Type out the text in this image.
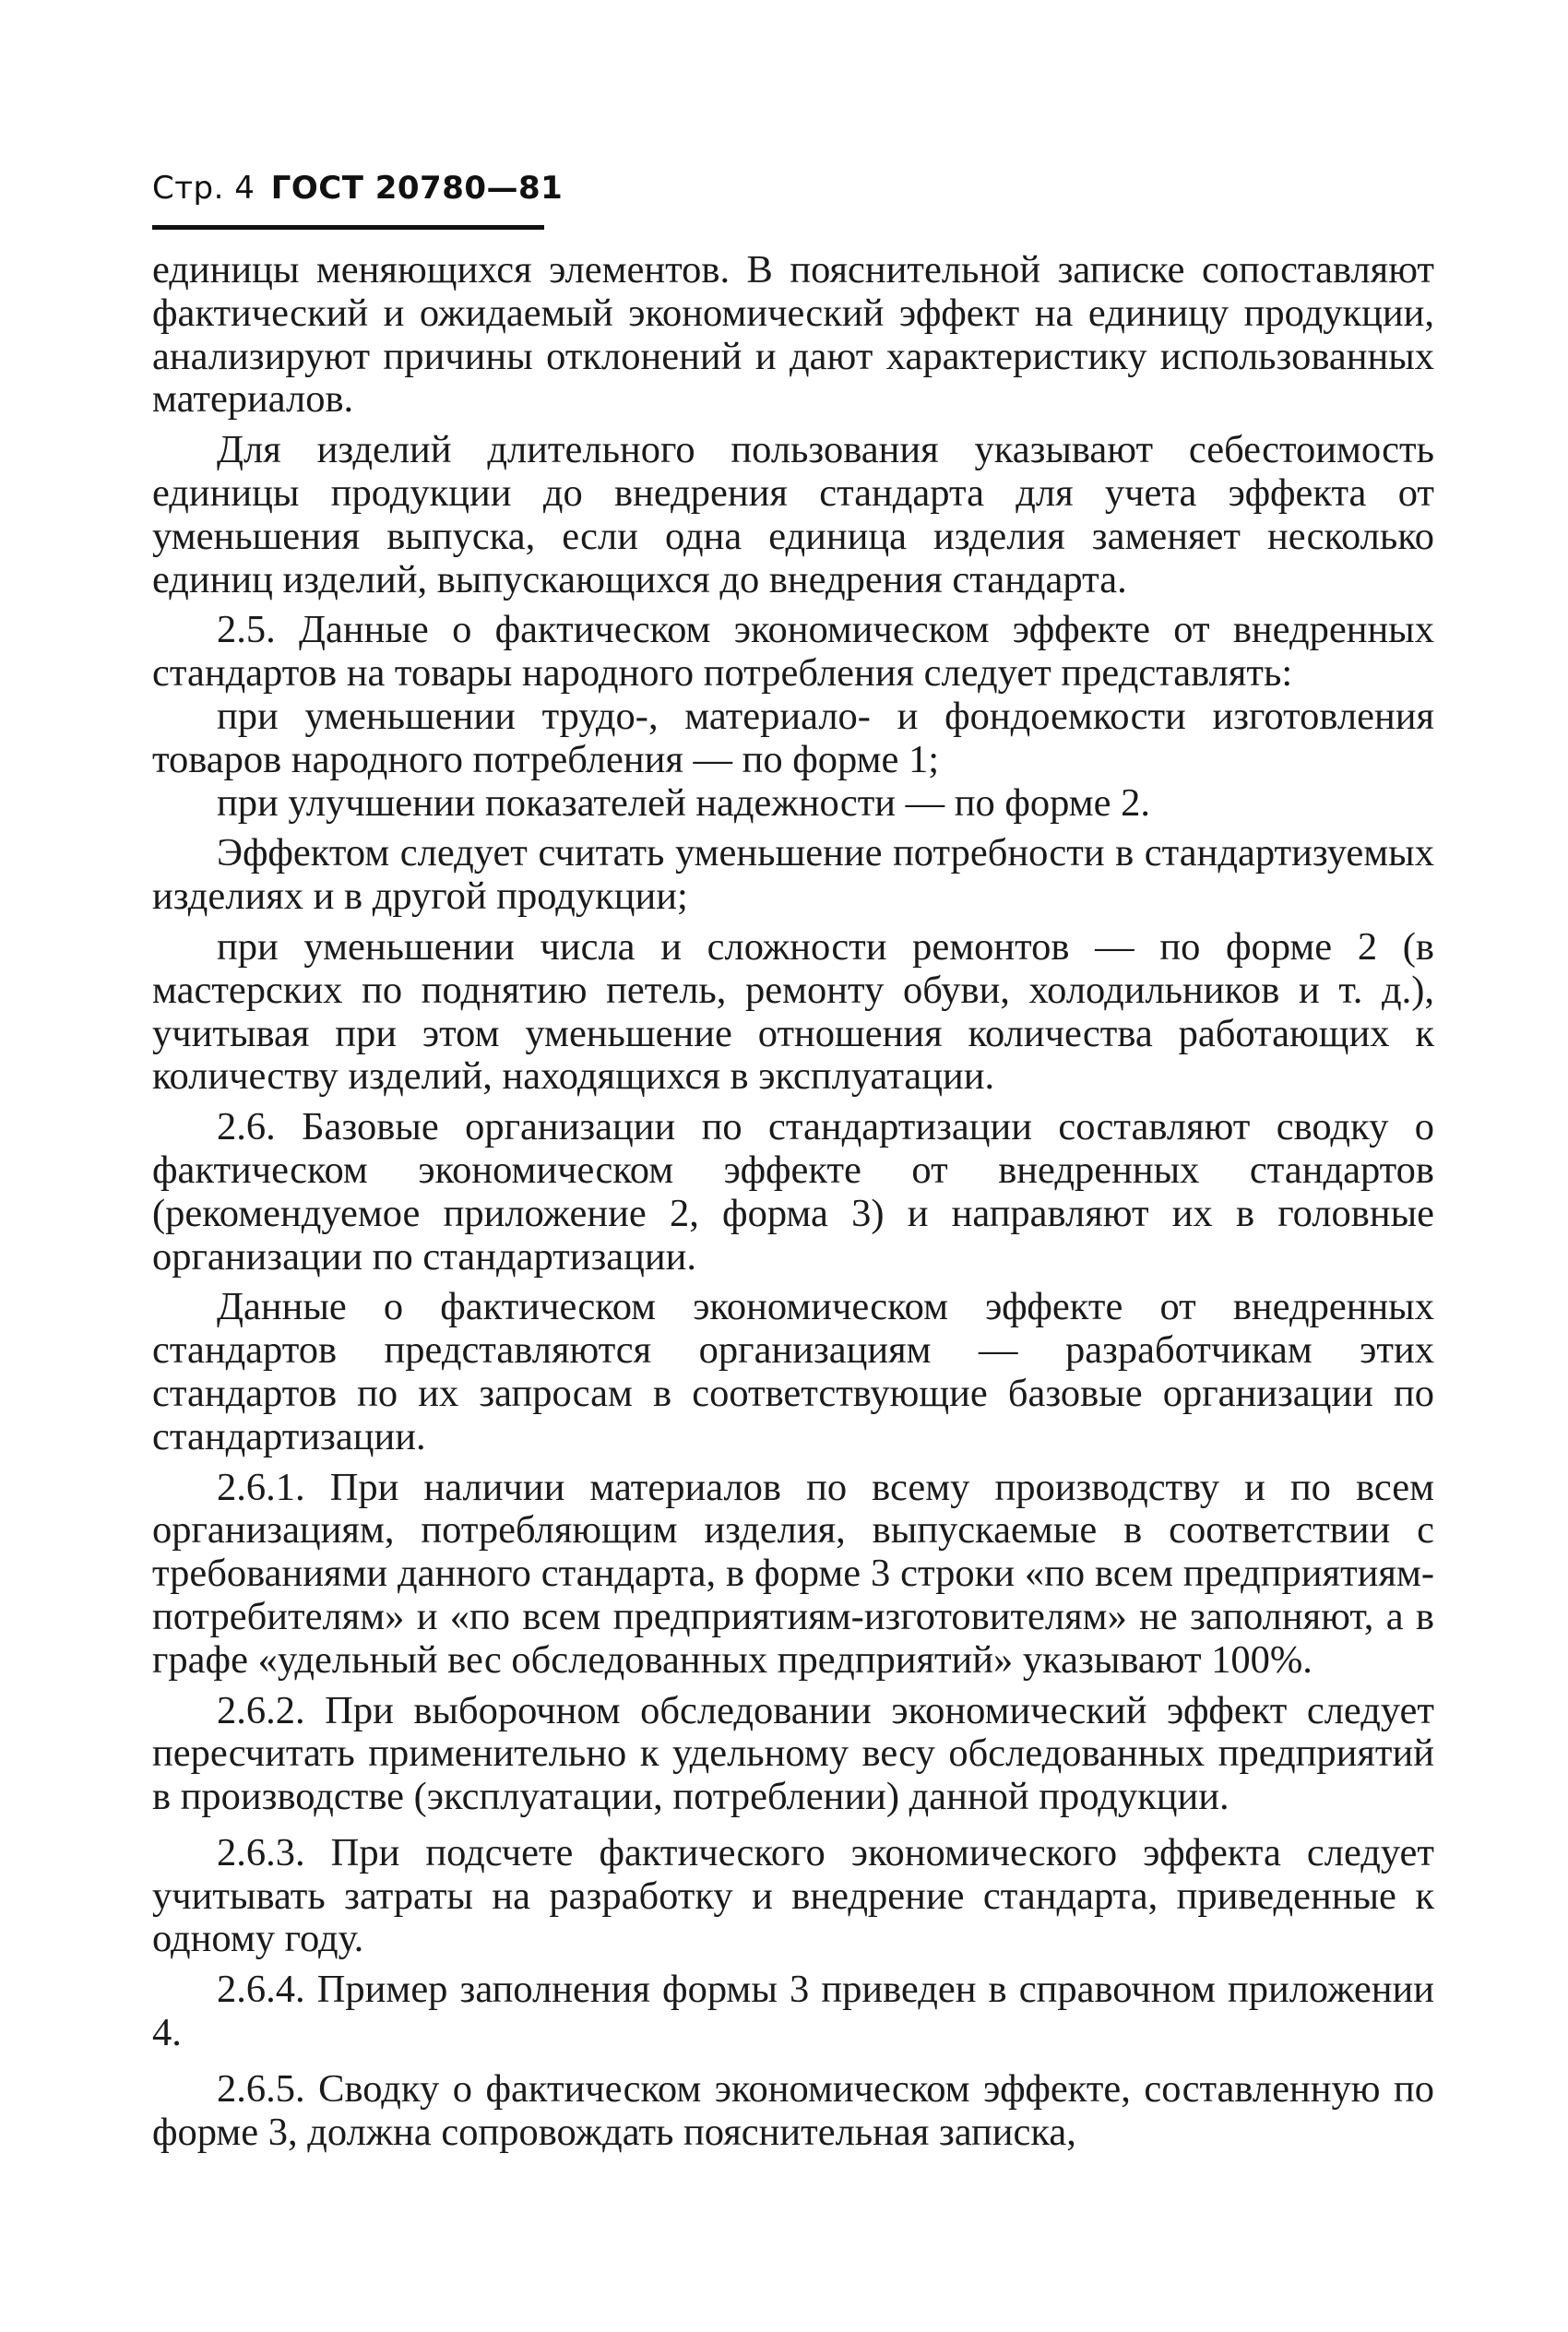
Стр. 4 ГОСТ 20780—81

единицы меняющихся элементов. В пояснительной записке сопоставляют фактический и ожидаемый экономический эффект на единицу продукции, анализируют причины отклонений и дают характеристику использованных материалов.

Для изделий длительного пользования указывают себестоимость единицы продукции до внедрения стандарта для учета эффекта от уменьшения выпуска, если одна единица изделия заменяет несколько единиц изделий, выпускающихся до внедрения стандарта.

2.5. Данные о фактическом экономическом эффекте от внедренных стандартов на товары народного потребления следует представлять:

при уменьшении трудо-, материало- и фондоемкости изготовления товаров народного потребления — по форме 1;

при улучшении показателей надежности — по форме 2.

Эффектом следует считать уменьшение потребности в стандартизуемых изделиях и в другой продукции;

при уменьшении числа и сложности ремонтов — по форме 2 (в мастерских по поднятию петель, ремонту обуви, холодильников и т. д.), учитывая при этом уменьшение отношения количества работающих к количеству изделий, находящихся в эксплуатации.

2.6. Базовые организации по стандартизации составляют сводку о фактическом экономическом эффекте от внедренных стандартов (рекомендуемое приложение 2, форма 3) и направляют их в головные организации по стандартизации.

Данные о фактическом экономическом эффекте от внедренных стандартов представляются организациям — разработчикам этих стандартов по их запросам в соответствующие базовые организации по стандартизации.

2.6.1. При наличии материалов по всему производству и по всем организациям, потребляющим изделия, выпускаемые в соответствии с требованиями данного стандарта, в форме 3 строки «по всем предприятиям-потребителям» и «по всем предприятиям-изготовителям» не заполняют, а в графе «удельный вес обследованных предприятий» указывают 100%.

2.6.2. При выборочном обследовании экономический эффект следует пересчитать применительно к удельному весу обследованных предприятий в производстве (эксплуатации, потреблении) данной продукции.

2.6.3. При подсчете фактического экономического эффекта следует учитывать затраты на разработку и внедрение стандарта, приведенные к одному году.

2.6.4. Пример заполнения формы 3 приведен в справочном приложении 4.

2.6.5. Сводку о фактическом экономическом эффекте, составленную по форме 3, должна сопровождать пояснительная записка,
